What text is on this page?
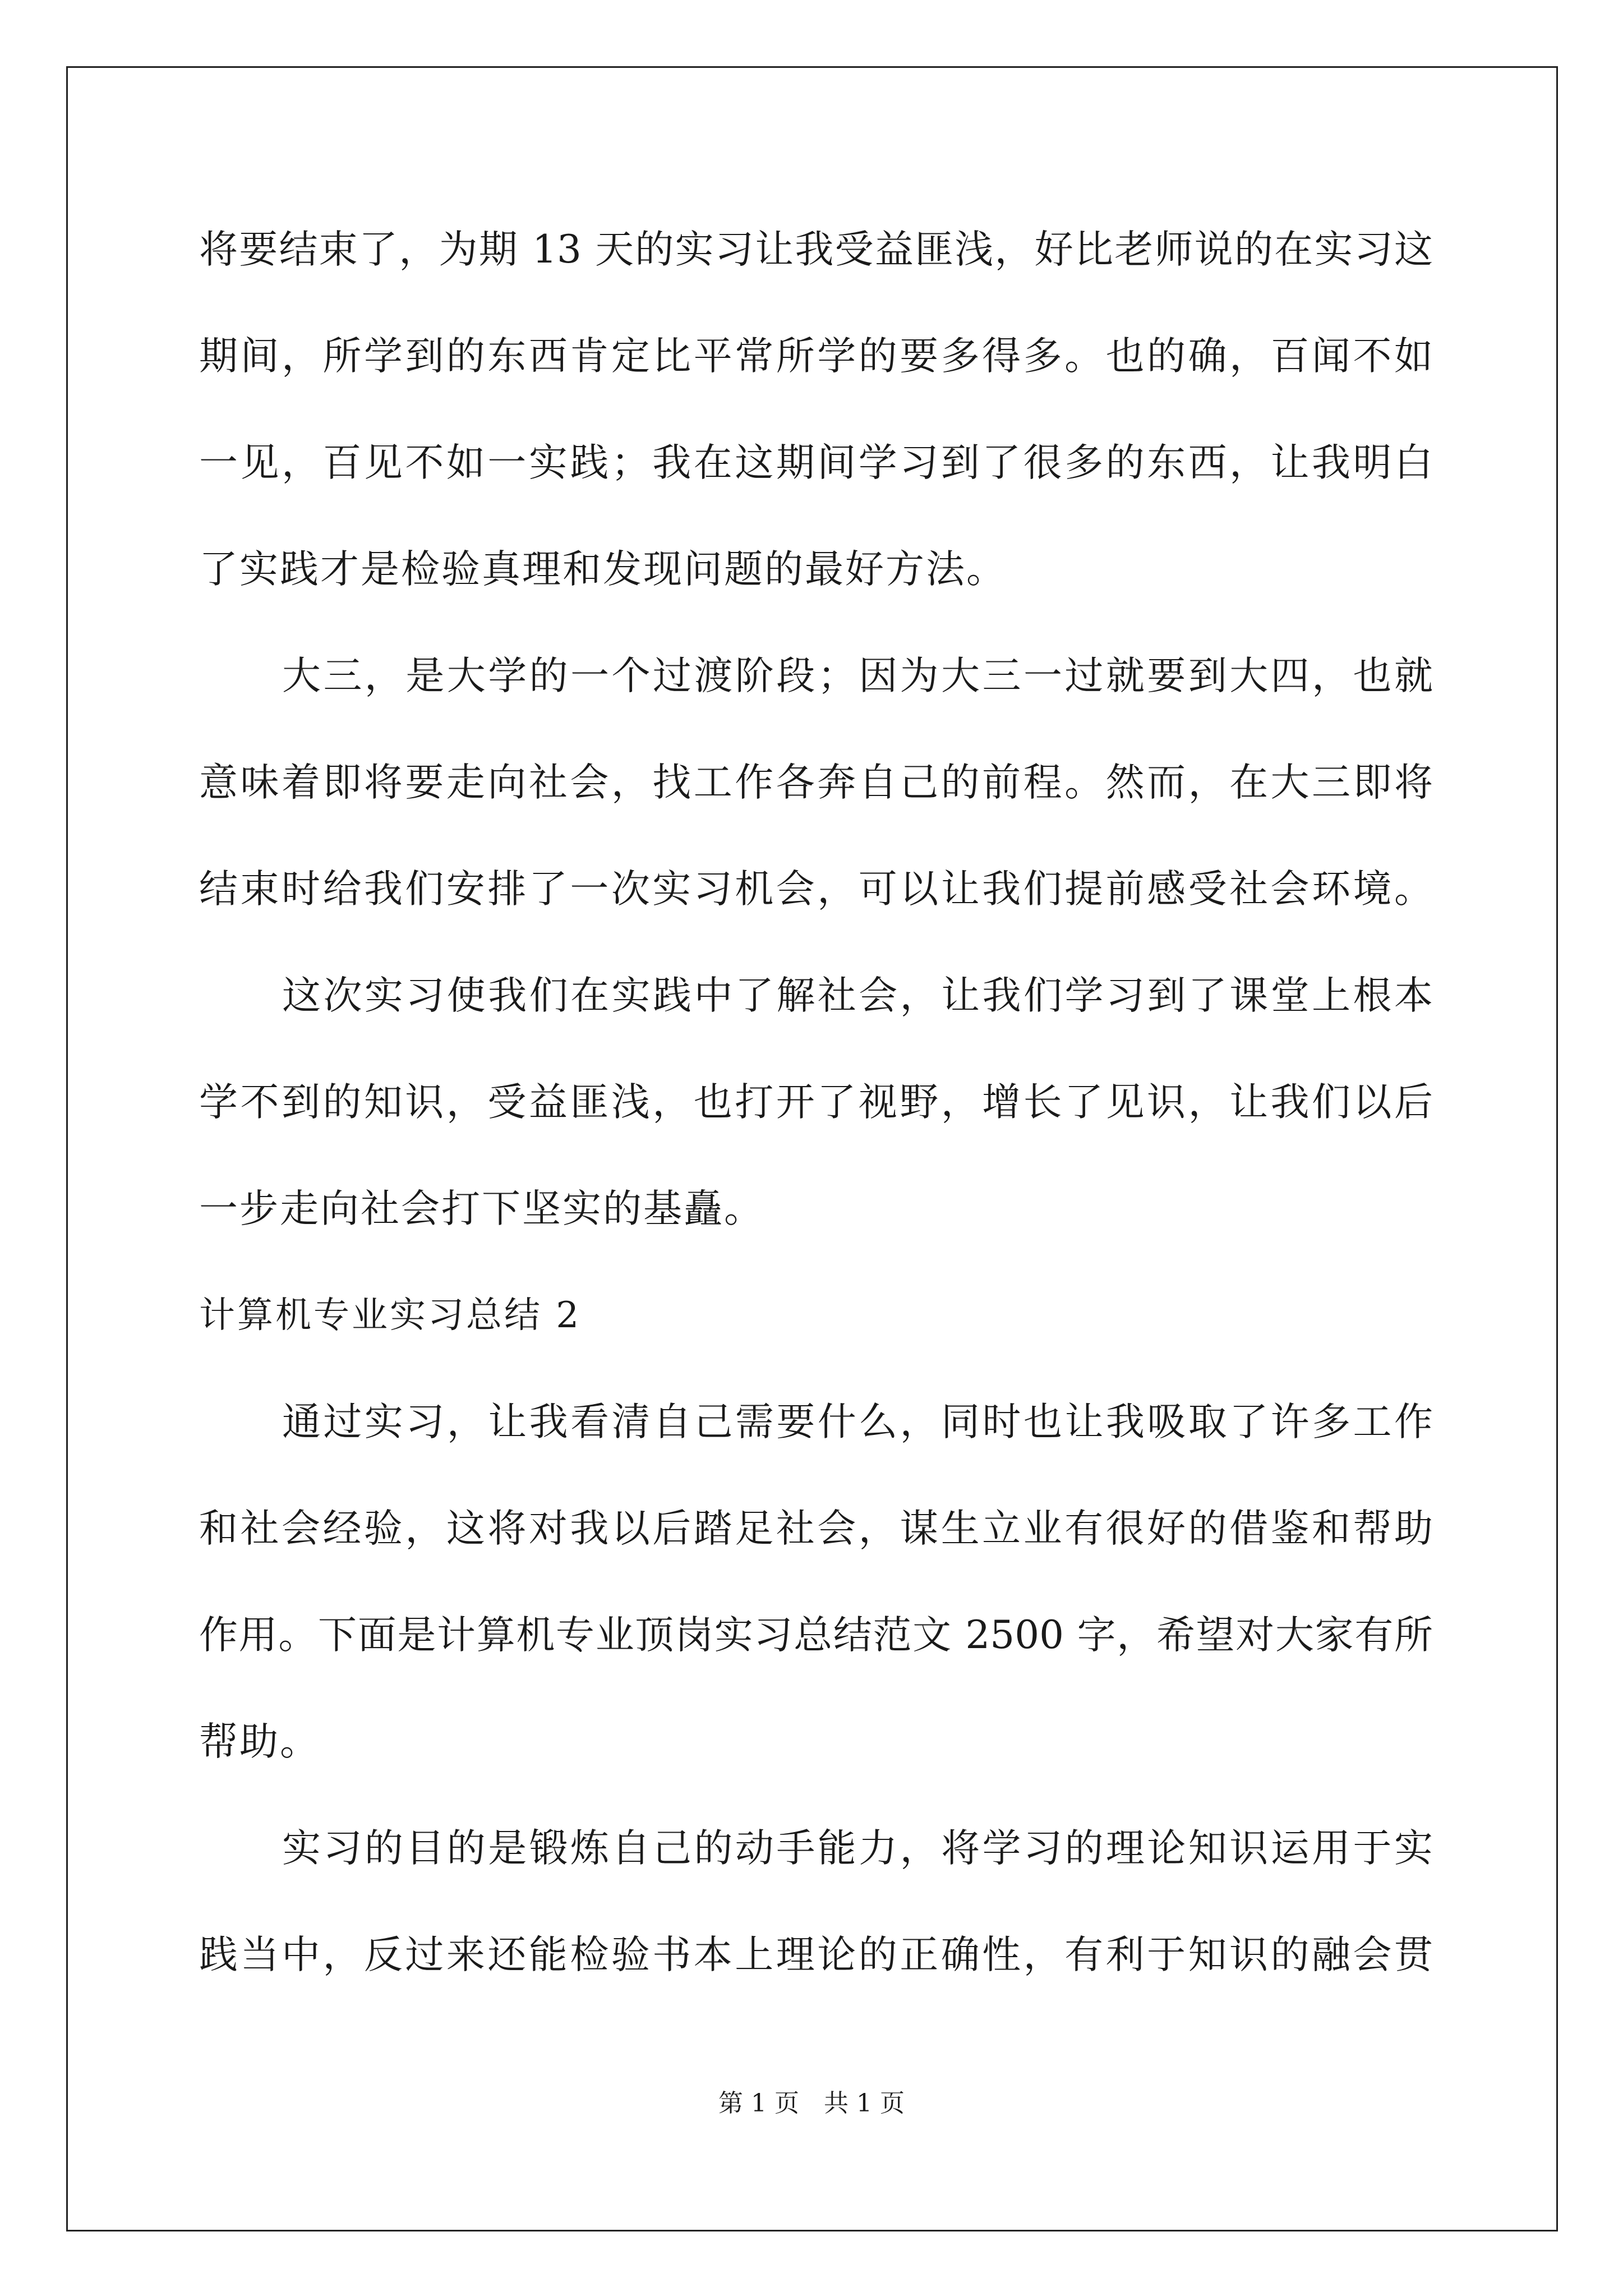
将要结束了，为期 13 天的实习让我受益匪浅，好比老师说的在实习这
期间，所学到的东西肯定比平常所学的要多得多。也的确，百闻不如
一见，百见不如一实践；我在这期间学习到了很多的东西，让我明白
了实践才是检验真理和发现问题的最好方法。
大三，是大学的一个过渡阶段；因为大三一过就要到大四，也就
意味着即将要走向社会，找工作各奔自己的前程。然而，在大三即将
结束时给我们安排了一次实习机会，可以让我们提前感受社会环境。
这次实习使我们在实践中了解社会，让我们学习到了课堂上根本
学不到的知识，受益匪浅，也打开了视野，增长了见识，让我们以后
一步走向社会打下坚实的基矗。
计算机专业实习总结 2
通过实习，让我看清自己需要什么，同时也让我吸取了许多工作
和社会经验，这将对我以后踏足社会，谋生立业有很好的借鉴和帮助
作用。下面是计算机专业顶岗实习总结范文 2500 字，希望对大家有所
帮助。
实习的目的是锻炼自己的动手能力，将学习的理论知识运用于实
践当中，反过来还能检验书本上理论的正确性，有利于知识的融会贯
第 1 页　共 1 页
